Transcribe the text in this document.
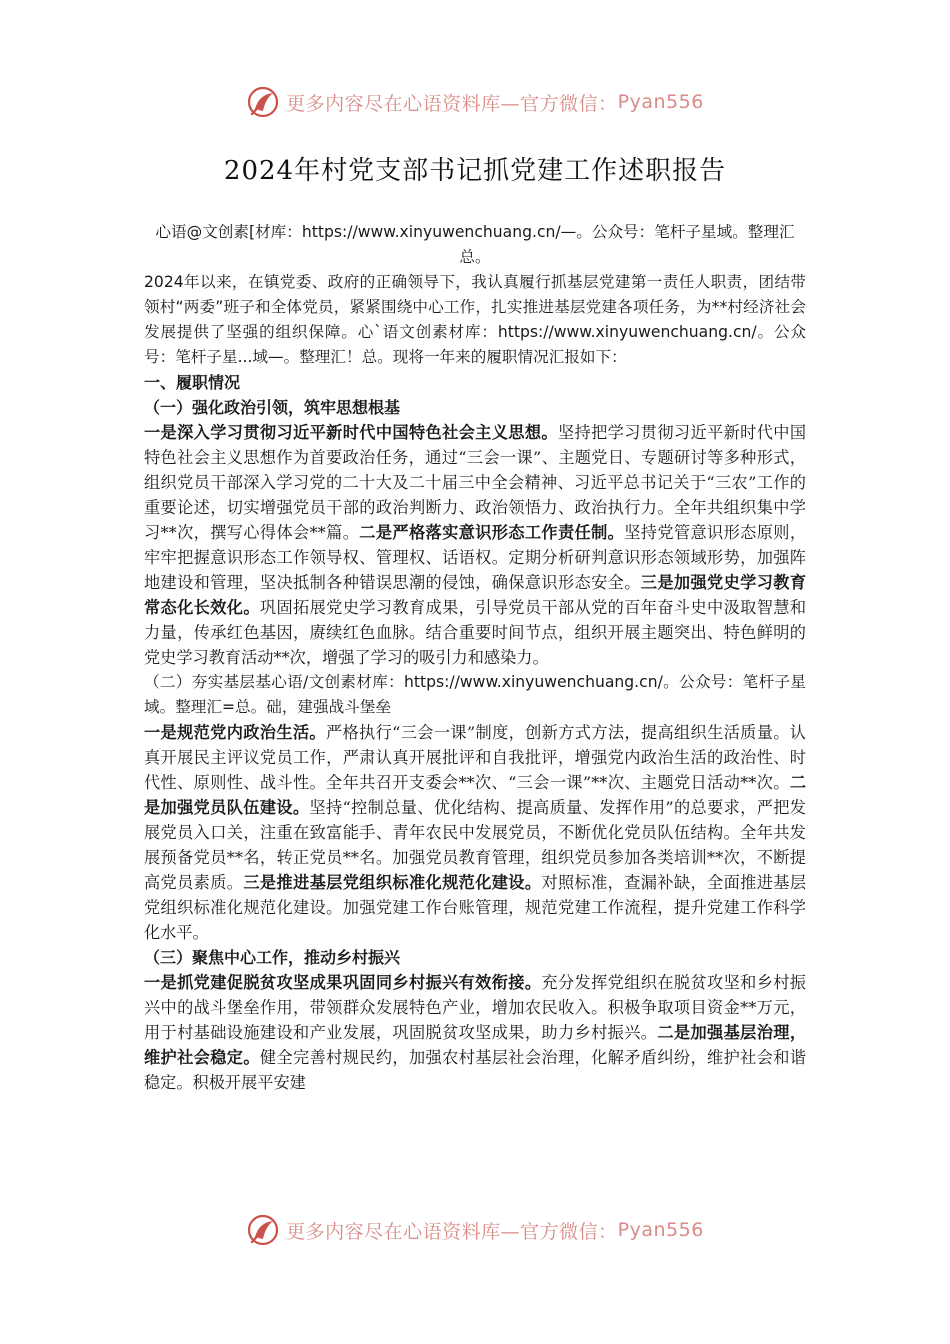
更多内容尽在心语资料库—官方微信： Pyan556
2024年村党支部书记抓党建工作述职报告

心语@文创素[材库：https://www.xinyuwenchuang.cn/—。公众号：笔杆子星域。整理汇总。

2024年以来，在镇党委、政府的正确领导下，我认真履行抓基层党建第一责任人职责，团结带领村“两委”班子和全体党员，紧紧围绕中心工作，扎实推进基层党建各项任务，为**村经济社会发展提供了坚强的组织保障。心`语文创素材库：https://www.xinyuwenchuang.cn/。公众号：笔杆子星...域—。整理汇！总。现将一年来的履职情况汇报如下：

一、履职情况

（一）强化政治引领，筑牢思想根基

一是深入学习贯彻习近平新时代中国特色社会主义思想。坚持把学习贯彻习近平新时代中国特色社会主义思想作为首要政治任务，通过“三会一课”、主题党日、专题研讨等多种形式，组织党员干部深入学习党的二十大及二十届三中全会精神、习近平总书记关于“三农”工作的重要论述，切实增强党员干部的政治判断力、政治领悟力、政治执行力。全年共组织集中学习**次，撰写心得体会**篇。二是严格落实意识形态工作责任制。坚持党管意识形态原则，牢牢把握意识形态工作领导权、管理权、话语权。定期分析研判意识形态领域形势，加强阵地建设和管理，坚决抵制各种错误思潮的侵蚀，确保意识形态安全。三是加强党史学习教育常态化长效化。巩固拓展党史学习教育成果，引导党员干部从党的百年奋斗史中汲取智慧和力量，传承红色基因，赓续红色血脉。结合重要时间节点，组织开展主题突出、特色鲜明的党史学习教育活动**次，增强了学习的吸引力和感染力。

（二）夯实基层基心语/文创素材库：https://www.xinyuwenchuang.cn/。公众号：笔杆子星域。整理汇=总。础，建强战斗堡垒

一是规范党内政治生活。严格执行“三会一课”制度，创新方式方法，提高组织生活质量。认真开展民主评议党员工作，严肃认真开展批评和自我批评，增强党内政治生活的政治性、时代性、原则性、战斗性。全年共召开支委会**次、“三会一课”**次、主题党日活动**次。二是加强党员队伍建设。坚持“控制总量、优化结构、提高质量、发挥作用”的总要求，严把发展党员入口关，注重在致富能手、青年农民中发展党员，不断优化党员队伍结构。全年共发展预备党员**名，转正党员**名。加强党员教育管理，组织党员参加各类培训**次，不断提高党员素质。三是推进基层党组织标准化规范化建设。对照标准，查漏补缺，全面推进基层党组织标准化规范化建设。加强党建工作台账管理，规范党建工作流程，提升党建工作科学化水平。

（三）聚焦中心工作，推动乡村振兴

一是抓党建促脱贫攻坚成果巩固同乡村振兴有效衔接。充分发挥党组织在脱贫攻坚和乡村振兴中的战斗堡垒作用，带领群众发展特色产业，增加农民收入。积极争取项目资金**万元，用于村基础设施建设和产业发展，巩固脱贫攻坚成果，助力乡村振兴。二是加强基层治理，维护社会稳定。健全完善村规民约，加强农村基层社会治理，化解矛盾纠纷，维护社会和谐稳定。积极开展平安建

更多内容尽在心语资料库—官方微信： Pyan556
